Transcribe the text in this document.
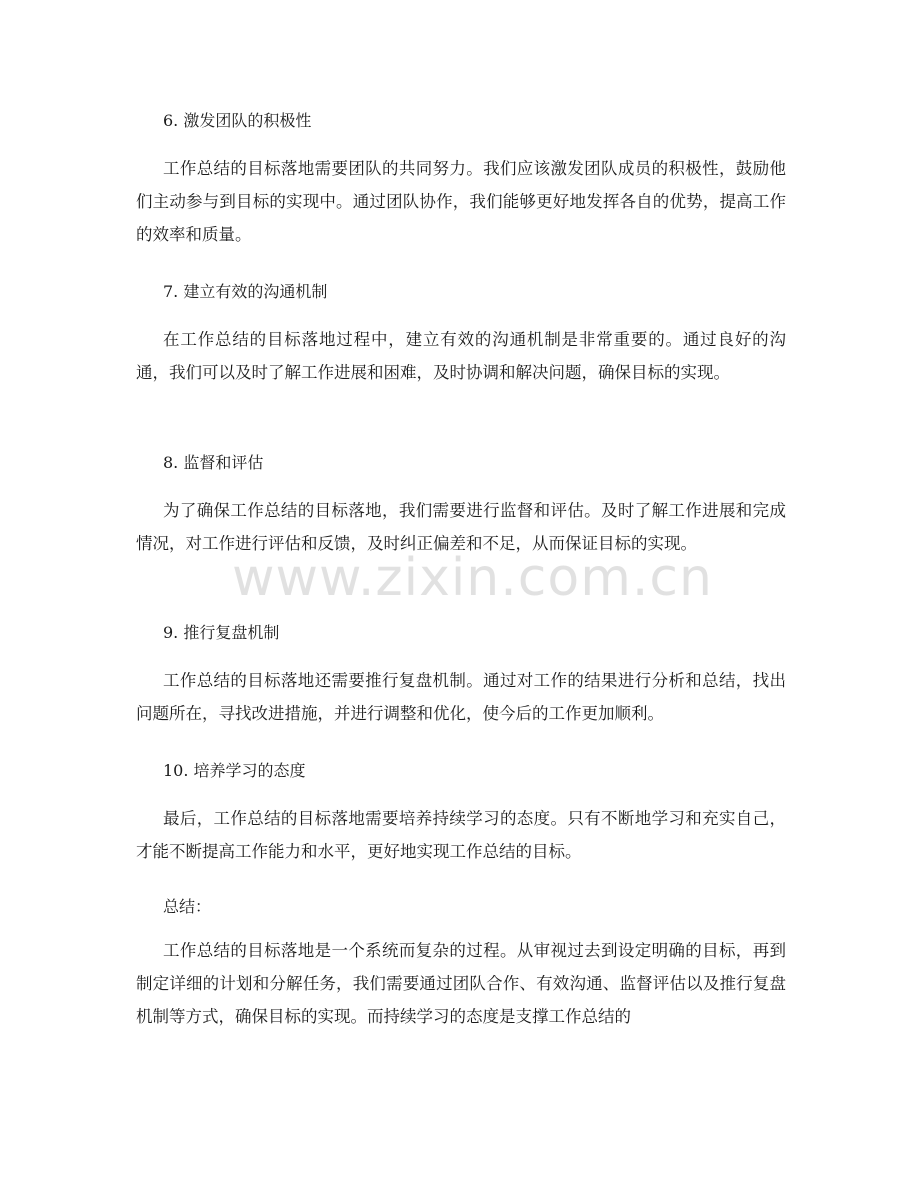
6. 激发团队的积极性

工作总结的目标落地需要团队的共同努力。我们应该激发团队成员的积极性，鼓励他们主动参与到目标的实现中。通过团队协作，我们能够更好地发挥各自的优势，提高工作的效率和质量。

7. 建立有效的沟通机制

在工作总结的目标落地过程中，建立有效的沟通机制是非常重要的。通过良好的沟通，我们可以及时了解工作进展和困难，及时协调和解决问题，确保目标的实现。

8. 监督和评估

为了确保工作总结的目标落地，我们需要进行监督和评估。及时了解工作进展和完成情况，对工作进行评估和反馈，及时纠正偏差和不足，从而保证目标的实现。

9. 推行复盘机制

工作总结的目标落地还需要推行复盘机制。通过对工作的结果进行分析和总结，找出问题所在，寻找改进措施，并进行调整和优化，使今后的工作更加顺利。

10. 培养学习的态度

最后，工作总结的目标落地需要培养持续学习的态度。只有不断地学习和充实自己，才能不断提高工作能力和水平，更好地实现工作总结的目标。

总结：

工作总结的目标落地是一个系统而复杂的过程。从审视过去到设定明确的目标，再到制定详细的计划和分解任务，我们需要通过团队合作、有效沟通、监督评估以及推行复盘机制等方式，确保目标的实现。而持续学习的态度是支撑工作总结的

www.zixin.com.cn
